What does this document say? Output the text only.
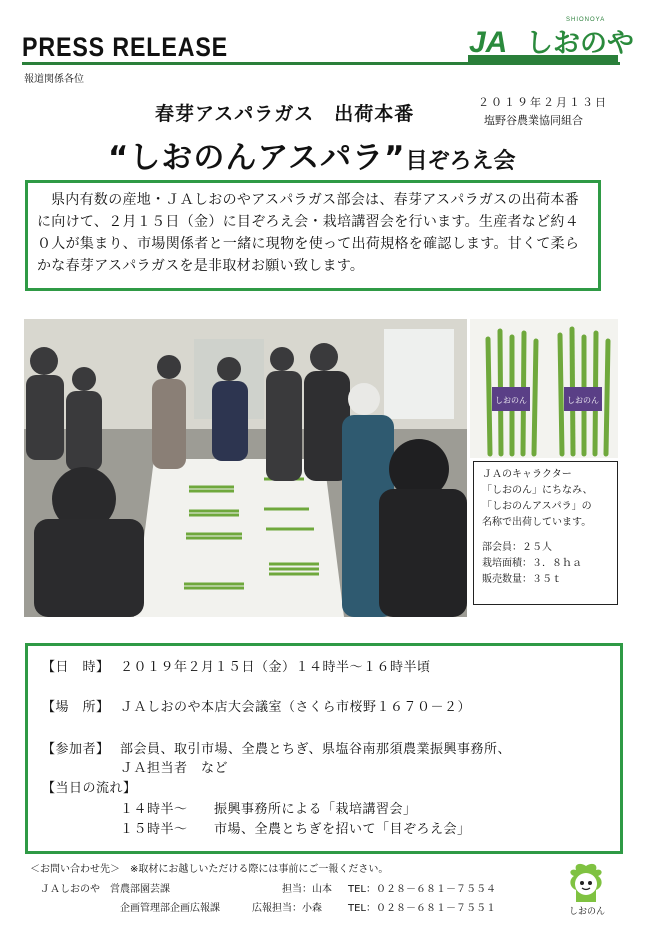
PRESS RELEASE
報道関係各位
JA しおのや
SHIONOYA
２０１９年２月１３日
塩野谷農業協同組合
春芽アスパラガス　出荷本番
“しおのんアスパラ”目ぞろえ会

県内有数の産地・ＪＡしおのやアスパラガス部会は、春芽アスパラガスの出荷本番に向けて、２月１５日（金）に目ぞろえ会・栽培講習会を行います。生産者など約４０人が集まり、市場関係者と一緒に現物を使って出荷規格を確認します。甘くて柔らかな春芽アスパラガスを是非取材お願い致します。

しおのん	しおのん
ＪＡのキャラクター
「しおのん」にちなみ、
「しおのんアスパラ」の
名称で出荷しています。
部会員：２５人
栽培面積：３．８ｈａ
販売数量：３５ｔ
【日　時】 ２０１９年２月１５日（金）１４時半～１６時半頃
【場　所】 ＪＡしおのや本店大会議室（さくら市桜野１６７０－２）
【参加者】 部会員、取引市場、全農とちぎ、県塩谷南那須農業振興事務所、
ＪＡ担当者　など
【当日の流れ】
１４時半～ 振興事務所による「栽培講習会」
１５時半～ 市場、全農とちぎを招いて「目ぞろえ会」
＜お問い合わせ先＞　※取材にお越しいただける際には事前にご一報ください。
ＪＡしおのや　営農部園芸課	担当：山本 TEL：０２８－６８１－７５５４
企画管理部企画広報課	広報担当：小森	TEL：０２８－６８１－７５５１	しおのん
